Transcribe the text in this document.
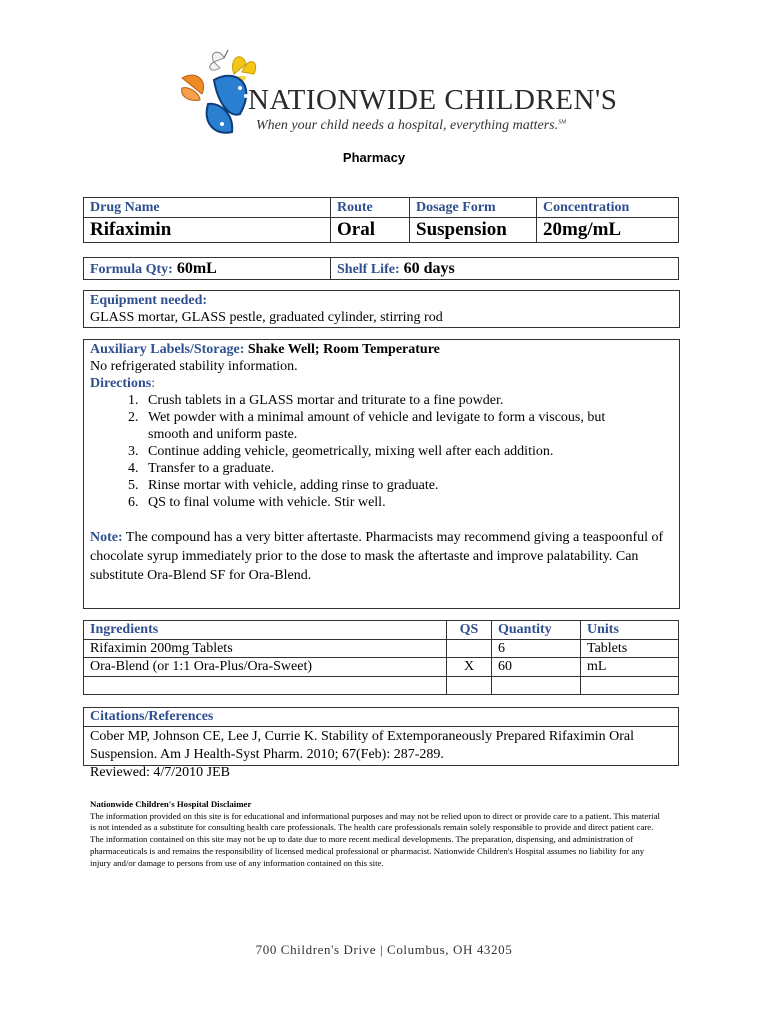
NATIONWIDE CHILDREN'S
When your child needs a hospital, everything matters.℠
Pharmacy
Drug Name	Route	Dosage Form	Concentration
Rifaximin	Oral	Suspension	20mg/mL
Formula Qty: 60mL	Shelf Life: 60 days
Equipment needed:
GLASS mortar, GLASS pestle, graduated cylinder, stirring rod
Auxiliary Labels/Storage: Shake Well; Room Temperature
No refrigerated stability information.
Directions:
1. Crush tablets in a GLASS mortar and triturate to a fine powder.
2. Wet powder with a minimal amount of vehicle and levigate to form a viscous, but smooth and uniform paste.
3. Continue adding vehicle, geometrically, mixing well after each addition.
4. Transfer to a graduate.
5. Rinse mortar with vehicle, adding rinse to graduate.
6. QS to final volume with vehicle. Stir well.
Note: The compound has a very bitter aftertaste. Pharmacists may recommend giving a teaspoonful of chocolate syrup immediately prior to the dose to mask the aftertaste and improve palatability. Can substitute Ora-Blend SF for Ora-Blend.
Ingredients	QS	Quantity	Units
Rifaximin 200mg Tablets		6	Tablets
Ora-Blend (or 1:1 Ora-Plus/Ora-Sweet)	X	60	mL

Citations/References
Cober MP, Johnson CE, Lee J, Currie K. Stability of Extemporaneously Prepared Rifaximin Oral Suspension. Am J Health-Syst Pharm. 2010; 67(Feb): 287-289.
Reviewed: 4/7/2010 JEB
Nationwide Children's Hospital Disclaimer
The information provided on this site is for educational and informational purposes and may not be relied upon to direct or provide care to a patient. This material is not intended as a substitute for consulting health care professionals. The health care professionals remain solely responsible to provide and direct patient care. The information contained on this site may not be up to date due to more recent medical developments. The preparation, dispensing, and administration of pharmaceuticals is and remains the responsibility of licensed medical professional or pharmacist. Nationwide Children's Hospital assumes no liability for any injury and/or damage to persons from use of any information contained on this site.
700 Children's Drive | Columbus, OH 43205
